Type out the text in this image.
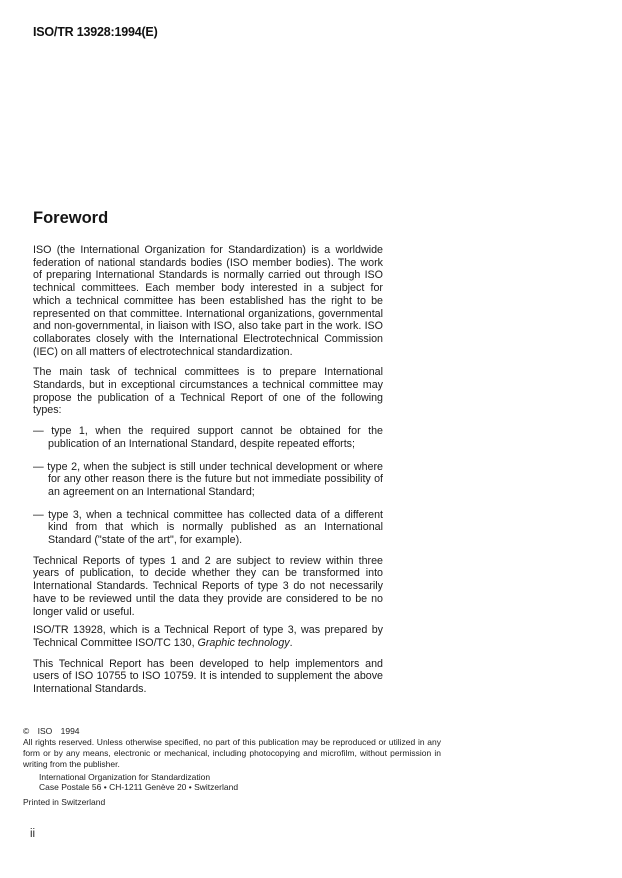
ISO/TR 13928:1994(E)
Foreword

ISO (the International Organization for Standardization) is a worldwide federation of national standards bodies (ISO member bodies). The work of preparing International Standards is normally carried out through ISO technical committees. Each member body interested in a subject for which a technical committee has been established has the right to be represented on that committee. International organizations, governmental and non-governmental, in liaison with ISO, also take part in the work. ISO collaborates closely with the International Electrotechnical Commission (IEC) on all matters of electrotechnical standardization.

The main task of technical committees is to prepare International Standards, but in exceptional circumstances a technical committee may propose the publication of a Technical Report of one of the following types:

— type 1, when the required support cannot be obtained for the publication of an International Standard, despite repeated efforts;

— type 2, when the subject is still under technical development or where for any other reason there is the future but not immediate possibility of an agreement on an International Standard;

— type 3, when a technical committee has collected data of a different kind from that which is normally published as an International Standard ("state of the art", for example).

Technical Reports of types 1 and 2 are subject to review within three years of publication, to decide whether they can be transformed into International Standards. Technical Reports of type 3 do not necessarily have to be reviewed until the data they provide are considered to be no longer valid or useful.

ISO/TR 13928, which is a Technical Report of type 3, was prepared by Technical Committee ISO/TC 130, Graphic technology.

This Technical Report has been developed to help implementors and users of ISO 10755 to ISO 10759. It is intended to supplement the above International Standards.

© ISO 1994
All rights reserved. Unless otherwise specified, no part of this publication may be reproduced or utilized in any form or by any means, electronic or mechanical, including photocopying and microfilm, without permission in writing from the publisher.
International Organization for Standardization
Case Postale 56 • CH-1211 Genève 20 • Switzerland
Printed in Switzerland
ii
